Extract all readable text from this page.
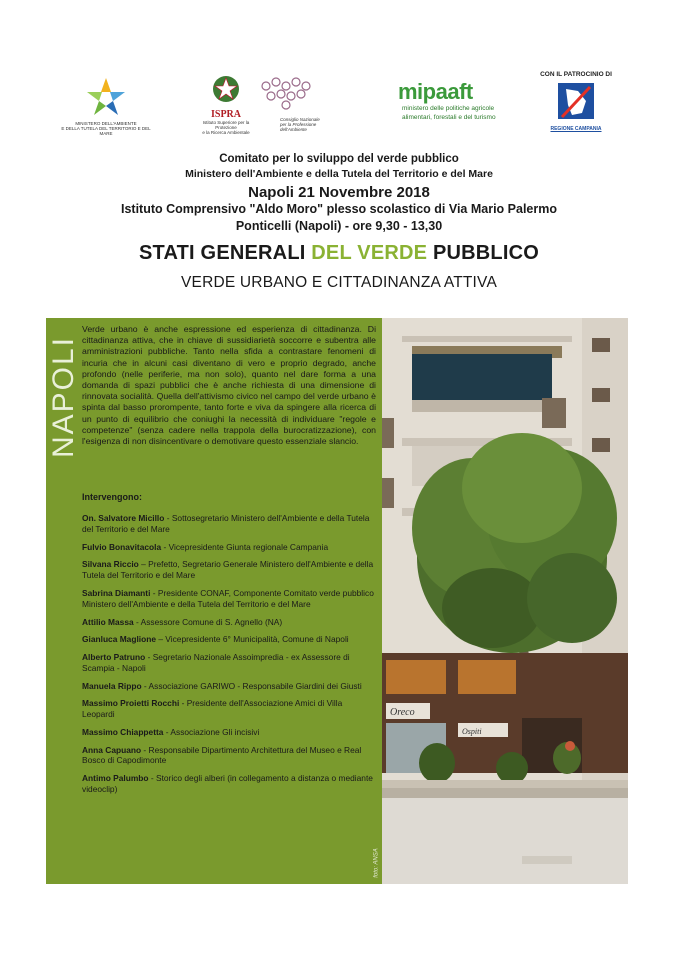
MINISTERO DELL'AMBIENTE
E DELLA TUTELA DEL TERRITORIO E DEL MARE
ISPRA
Istituto Superiore per la Protezione
e la Ricerca Ambientale
Consiglio Nazionale
per la Professione
dell'Ambiente
mipaaft
ministero delle politiche agricole
alimentari, forestali e del turismo
CON IL PATROCINIO DI
REGIONE CAMPANIA
Comitato per lo sviluppo del verde pubblico
Ministero dell'Ambiente e della Tutela del Territorio e del Mare
Napoli 21 Novembre 2018
Istituto Comprensivo "Aldo Moro" plesso scolastico di Via Mario Palermo
Ponticelli (Napoli) - ore 9,30 - 13,30
STATI GENERALI DEL VERDE PUBBLICO
VERDE URBANO E CITTADINANZA ATTIVA
NAPOLI
Verde urbano è anche espressione ed esperienza di cittadinanza. Di cittadinanza attiva, che in chiave di sussidiarietà soccorre e subentra alle amministrazioni pubbliche. Tanto nella sfida a contrastare fenomeni di incuria che in alcuni casi diventano di vero e proprio degrado, anche profondo (nelle periferie, ma non solo), quanto nel dare forma a una domanda di spazi pubblici che è anche richiesta di una dimensione di rinnovata socialità. Quella dell'attivismo civico nel campo del verde urbano è spinta dal basso prorompente, tanto forte e viva da spingere alla ricerca di un punto di equilibrio che coniughi la necessità di individuare "regole e competenze" (senza cadere nella trappola della burocratizzazione), con l'esigenza di non disincentivare o demotivare questo essenziale slancio.
Intervengono:
On. Salvatore Micillo - Sottosegretario Ministero dell'Ambiente e della Tutela del Territorio e del Mare
Fulvio Bonavitacola - Vicepresidente Giunta regionale Campania
Silvana Riccio – Prefetto, Segretario Generale Ministero dell'Ambiente e della Tutela del Territorio e del Mare
Sabrina Diamanti - Presidente CONAF, Componente Comitato verde pubblico Ministero dell'Ambiente e della Tutela del Territorio e del Mare
Attilio Massa - Assessore Comune di S. Agnello (NA)
Gianluca Maglione – Vicepresidente 6° Municipalità, Comune di Napoli
Alberto Patruno - Segretario Nazionale Assoimpredia - ex Assessore di Scampia - Napoli
Manuela Rippo - Associazione GARIWO - Responsabile Giardini dei Giusti
Massimo Proietti Rocchi - Presidente dell'Associazione Amici di Villa Leopardi
Massimo Chiappetta - Associazione Gli incisivi
Anna Capuano - Responsabile Dipartimento Architettura del Museo e Real Bosco di Capodimonte
Antimo Palumbo - Storico degli alberi (in collegamento a distanza o mediante videoclip)
Oreco
Ospiti
foto: ANSA
